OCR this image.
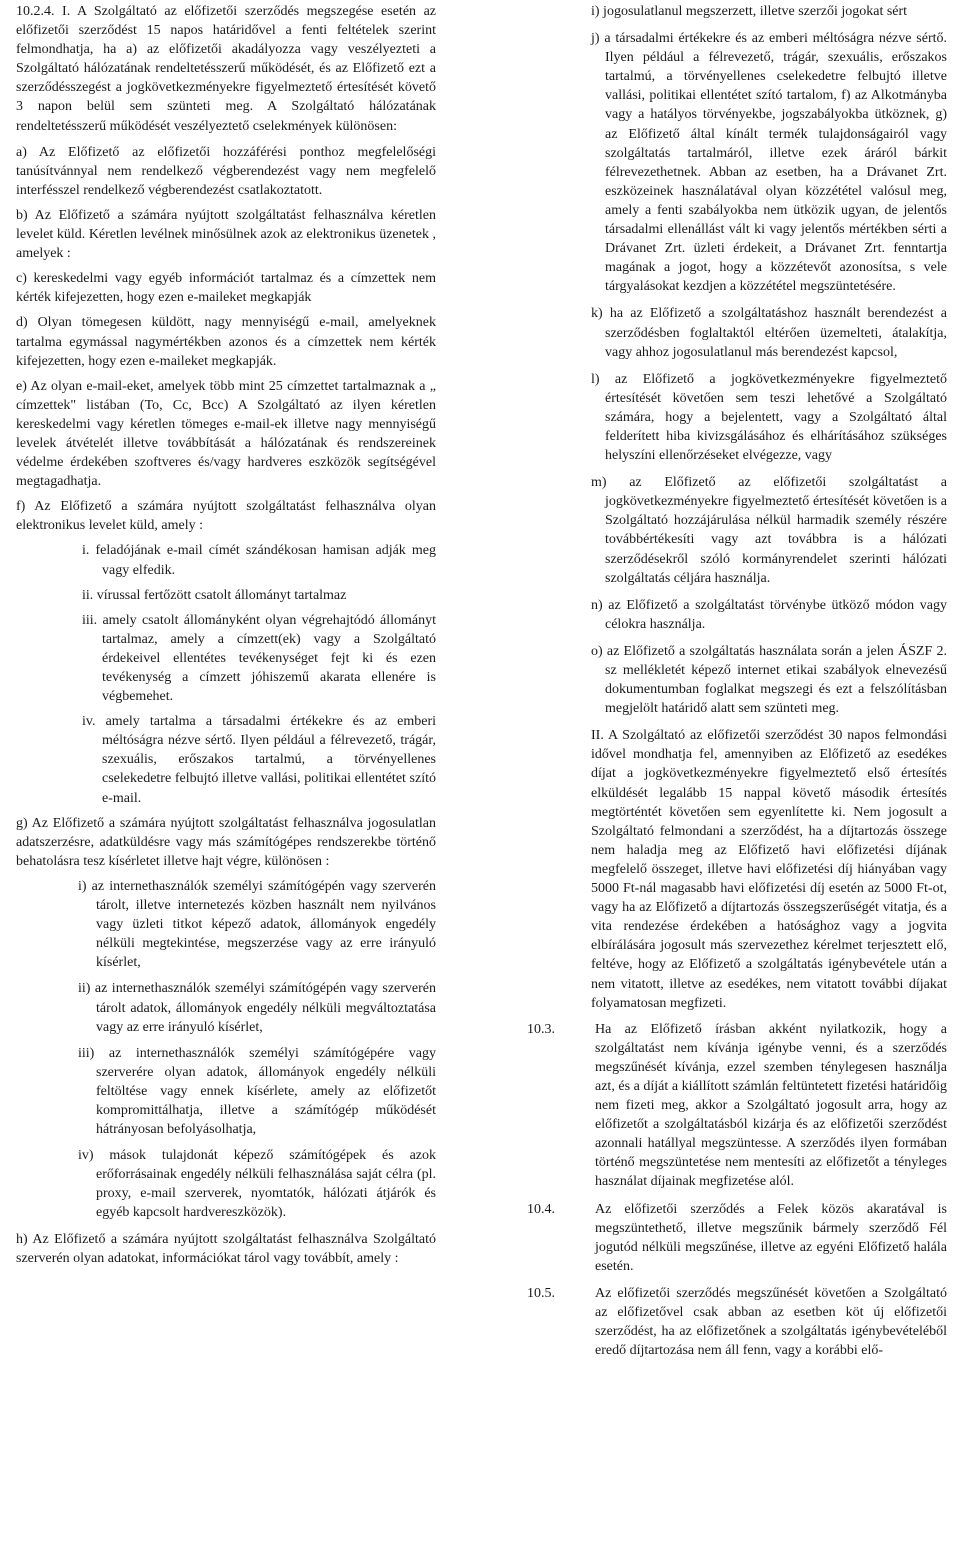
10.2.4. I. A Szolgáltató az előfizetői szerződés megszegése esetén az előfizetői szerződést 15 napos határidővel a fenti feltételek szerint felmondhatja, ha a) az előfizetői akadályozza vagy veszélyezteti a Szolgáltató hálózatának rendeltetésszerű működését, és az Előfizető ezt a szerződésszegést a jogkövetkezményekre figyelmeztető értesítését követő 3 napon belül sem szünteti meg. A Szolgáltató hálózatának rendeltetésszerű működését veszélyeztető cselekmények különösen:

a) Az Előfizető az előfizetői hozzáférési ponthoz megfelelőségi tanúsítvánnyal nem rendelkező végberendezést vagy nem megfelelő interfésszel rendelkező végberendezést csatlakoztatott.

b) Az Előfizető a számára nyújtott szolgáltatást felhasználva kéretlen levelet küld. Kéretlen levélnek minősülnek azok az elektronikus üzenetek , amelyek :

c) kereskedelmi vagy egyéb információt tartalmaz és a címzettek nem kérték kifejezetten, hogy ezen e-maileket megkapják

d) Olyan tömegesen küldött, nagy mennyiségű e-mail, amelyeknek tartalma egymással nagymértékben azonos és a címzettek nem kérték kifejezetten, hogy ezen e-maileket megkapják.

e) Az olyan e-mail-eket, amelyek több mint 25 címzettet tartalmaznak a „ címzettek" listában (To, Cc, Bcc) A Szolgáltató az ilyen kéretlen kereskedelmi vagy kéretlen tömeges e-mail-ek illetve nagy mennyiségű levelek átvételét illetve továbbítását a hálózatának és rendszereinek védelme érdekében szoftveres és/vagy hardveres eszközök segítségével megtagadhatja.

f) Az Előfizető a számára nyújtott szolgáltatást felhasználva olyan elektronikus levelet küld, amely :

i. feladójának e-mail címét szándékosan hamisan adják meg vagy elfedik.

ii. vírussal fertőzött csatolt állományt tartalmaz

iii. amely csatolt állományként olyan végrehajtódó állományt tartalmaz, amely a címzett(ek) vagy a Szolgáltató érdekeivel ellentétes tevékenységet fejt ki és ezen tevékenység a címzett jóhiszemű akarata ellenére is végbemehet.

iv. amely tartalma a társadalmi értékekre és az emberi méltóságra nézve sértő. Ilyen például a félrevezető, trágár, szexuális, erőszakos tartalmú, a törvényellenes cselekedetre felbujtó illetve vallási, politikai ellentétet szító e-mail.

g) Az Előfizető a számára nyújtott szolgáltatást felhasználva jogosulatlan adatszerzésre, adatküldésre vagy más számítógépes rendszerekbe történő behatolásra tesz kísérletet illetve hajt végre, különösen :

i) az internethasználók személyi számítógépén vagy szerverén tárolt, illetve internetezés közben használt nem nyilvános vagy üzleti titkot képező adatok, állományok engedély nélküli megtekintése, megszerzése vagy az erre irányuló kísérlet,

ii) az internethasználók személyi számítógépén vagy szerverén tárolt adatok, állományok engedély nélküli megváltoztatása vagy az erre irányuló kísérlet,

iii) az internethasználók személyi számítógépére vagy szerverére olyan adatok, állományok engedély nélküli feltöltése vagy ennek kísérlete, amely az előfizetőt kompromittálhatja, illetve a számítógép működését hátrányosan befolyásolhatja,

iv) mások tulajdonát képező számítógépek és azok erőforrásainak engedély nélküli felhasználása saját célra (pl. proxy, e-mail szerverek, nyomtatók, hálózati átjárók és egyéb kapcsolt hardvereszközök).

h) Az Előfizető a számára nyújtott szolgáltatást felhasználva Szolgáltató szerverén olyan adatokat, információkat tárol vagy továbbít, amely :

i) jogosulatlanul megszerzett, illetve szerzői jogokat sért

j) a társadalmi értékekre és az emberi méltóságra nézve sértő. Ilyen például a félrevezető, trágár, szexuális, erőszakos tartalmú, a törvényellenes cselekedetre felbujtó illetve vallási, politikai ellentétet szító tartalom, f) az Alkotmányba vagy a hatályos törvényekbe, jogszabályokba ütköznek, g) az Előfizető által kínált termék tulajdonságairól vagy szolgáltatás tartalmáról, illetve ezek áráról bárkit félrevezethetnek. Abban az esetben, ha a Drávanet Zrt. eszközeinek használatával olyan közzététel valósul meg, amely a fenti szabályokba nem ütközik ugyan, de jelentős társadalmi ellenállást vált ki vagy jelentős mértékben sérti a Drávanet Zrt. üzleti érdekeit, a Drávanet Zrt. fenntartja magának a jogot, hogy a közzétevőt azonosítsa, s vele tárgyalásokat kezdjen a közzététel megszüntetésére.

k) ha az Előfizető a szolgáltatáshoz használt berendezést a szerződésben foglaltaktól eltérően üzemelteti, átalakítja, vagy ahhoz jogosulatlanul más berendezést kapcsol,

l) az Előfizető a jogkövetkezményekre figyelmeztető értesítését követően sem teszi lehetővé a Szolgáltató számára, hogy a bejelentett, vagy a Szolgáltató által felderített hiba kivizsgálásához és elhárításához szükséges helyszíni ellenőrzéseket elvégezze, vagy

m) az Előfizető az előfizetői szolgáltatást a jogkövetkezményekre figyelmeztető értesítését követően is a Szolgáltató hozzájárulása nélkül harmadik személy részére továbbértékesíti vagy azt továbbra is a hálózati szerződésekről szóló kormányrendelet szerinti hálózati szolgáltatás céljára használja.

n) az Előfizető a szolgáltatást törvénybe ütköző módon vagy célokra használja.

o) az Előfizető a szolgáltatás használata során a jelen ÁSZF 2. sz mellékletét képező internet etikai szabályok elnevezésű dokumentumban foglalkat megszegi és ezt a felszólításban megjelölt határidő alatt sem szünteti meg.

II. A Szolgáltató az előfizetői szerződést 30 napos felmondási idővel mondhatja fel, amennyiben az Előfizető az esedékes díjat a jogkövetkezményekre figyelmeztető első értesítés elküldését legalább 15 nappal követő második értesítés megtörténtét követően sem egyenlítette ki. Nem jogosult a Szolgáltató felmondani a szerződést, ha a díjtartozás összege nem haladja meg az Előfizető havi előfizetési díjának megfelelő összeget, illetve havi előfizetési díj hiányában vagy 5000 Ft-nál magasabb havi előfizetési díj esetén az 5000 Ft-ot, vagy ha az Előfizető a díjtartozás összegszerűségét vitatja, és a vita rendezése érdekében a hatósághoz vagy a jogvita elbírálására jogosult más szervezethez kérelmet terjesztett elő, feltéve, hogy az Előfizető a szolgáltatás igénybevétele után a nem vitatott, illetve az esedékes, nem vitatott további díjakat folyamatosan megfizeti.

10.3.	Ha az Előfizető írásban akként nyilatkozik, hogy a szolgáltatást nem kívánja igénybe venni, és a szerződés megszűnését kívánja, ezzel szemben ténylegesen használja azt, és a díját a kiállított számlán feltüntetett fizetési határidőig nem fizeti meg, akkor a Szolgáltató jogosult arra, hogy az előfizetőt a szolgáltatásból kizárja és az előfizetői szerződést azonnali hatállyal megszüntesse. A szerződés ilyen formában történő megszüntetése nem mentesíti az előfizetőt a tényleges használat díjainak megfizetése alól.
10.4.	Az előfizetői szerződés a Felek közös akaratával is megszüntethető, illetve megszűnik bármely szerződő Fél jogutód nélküli megszűnése, illetve az egyéni Előfizető halála esetén.
10.5.	Az előfizetői szerződés megszűnését követően a Szolgáltató az előfizetővel csak abban az esetben köt új előfizetői szerződést, ha az előfizetőnek a szolgáltatás igénybevételéből eredő díjtartozása nem áll fenn, vagy a korábbi elő-
